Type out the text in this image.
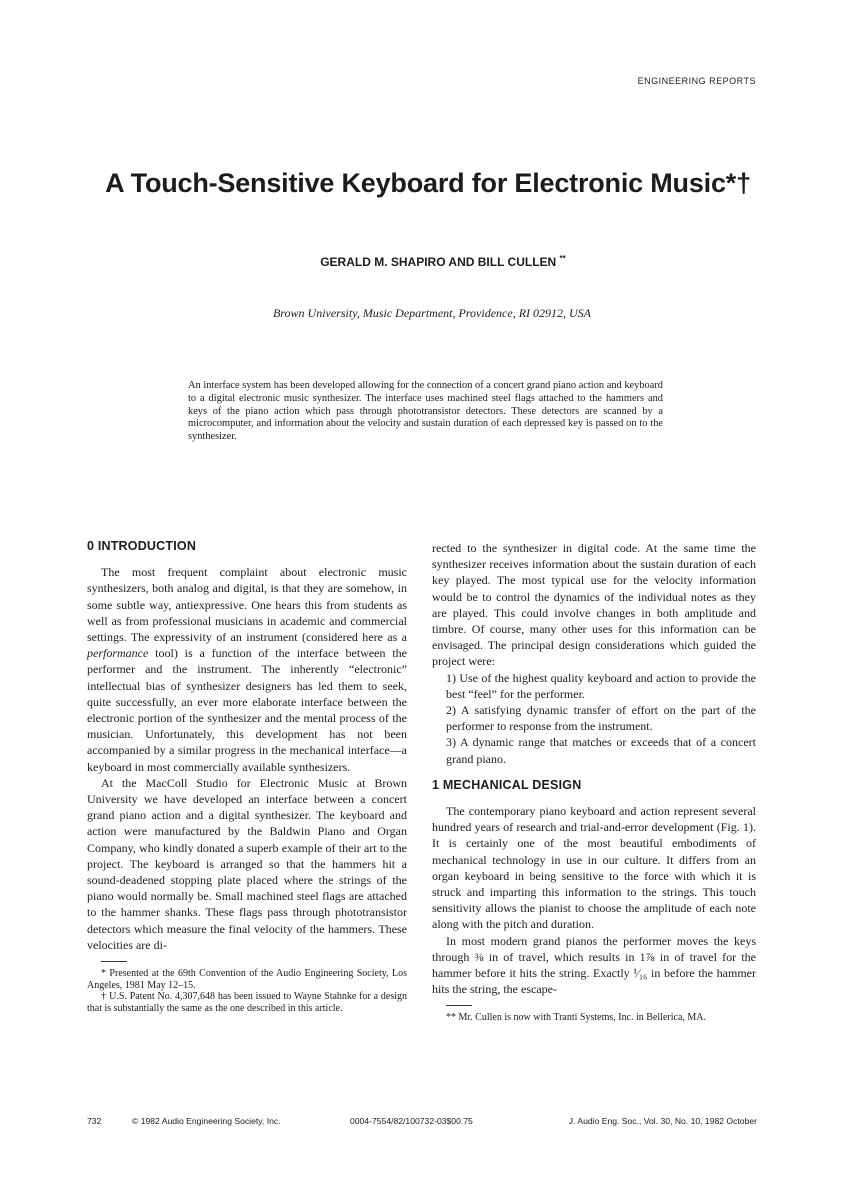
ENGINEERING REPORTS
A Touch-Sensitive Keyboard for Electronic Music*†
GERALD M. SHAPIRO AND BILL CULLEN **
Brown University, Music Department, Providence, RI 02912, USA
An interface system has been developed allowing for the connection of a concert grand piano action and keyboard to a digital electronic music synthesizer. The interface uses machined steel flags attached to the hammers and keys of the piano action which pass through phototransistor detectors. These detectors are scanned by a microcomputer, and information about the velocity and sustain duration of each depressed key is passed on to the synthesizer.
0 INTRODUCTION

The most frequent complaint about electronic music synthesizers, both analog and digital, is that they are somehow, in some subtle way, antiexpressive. One hears this from students as well as from professional musicians in academic and commercial settings. The expressivity of an instrument (considered here as a performance tool) is a function of the interface between the performer and the instrument. The inherently “electronic” intellectual bias of synthesizer designers has led them to seek, quite successfully, an ever more elaborate interface between the electronic portion of the synthesizer and the mental process of the musician. Unfortunately, this development has not been accompanied by a similar progress in the mechanical interface—a keyboard in most commercially available synthesizers.

At the MacColl Studio for Electronic Music at Brown University we have developed an interface between a concert grand piano action and a digital synthesizer. The keyboard and action were manufactured by the Baldwin Piano and Organ Company, who kindly donated a superb example of their art to the project. The keyboard is arranged so that the hammers hit a sound-deadened stopping plate placed where the strings of the piano would normally be. Small machined steel flags are attached to the hammer shanks. These flags pass through phototransistor detectors which measure the final velocity of the hammers. These velocities are di-

* Presented at the 69th Convention of the Audio Engineering Society, Los Angeles, 1981 May 12–15.

† U.S. Patent No. 4,307,648 has been issued to Wayne Stahnke for a design that is substantially the same as the one described in this article.

rected to the synthesizer in digital code. At the same time the synthesizer receives information about the sustain duration of each key played. The most typical use for the velocity information would be to control the dynamics of the individual notes as they are played. This could involve changes in both amplitude and timbre. Of course, many other uses for this information can be envisaged. The principal design considerations which guided the project were:

1) Use of the highest quality keyboard and action to provide the best “feel” for the performer.

2) A satisfying dynamic transfer of effort on the part of the performer to response from the instrument.

3) A dynamic range that matches or exceeds that of a concert grand piano.

1 MECHANICAL DESIGN

The contemporary piano keyboard and action represent several hundred years of research and trial-and-error development (Fig. 1). It is certainly one of the most beautiful embodiments of mechanical technology in use in our culture. It differs from an organ keyboard in being sensitive to the force with which it is struck and imparting this information to the strings. This touch sensitivity allows the pianist to choose the amplitude of each note along with the pitch and duration.

In most modern grand pianos the performer moves the keys through ⅜ in of travel, which results in 1⅞ in of travel for the hammer before it hits the string. Exactly ¹⁄₁₆ in before the hammer hits the string, the escape-

** Mr. Cullen is now with Tranti Systems, Inc. in Bellerica, MA.

732	© 1982 Audio Engineering Society, Inc.	0004-7554/82/100732-03$00.75	J. Audio Eng. Soc., Vol. 30, No. 10, 1982 October
